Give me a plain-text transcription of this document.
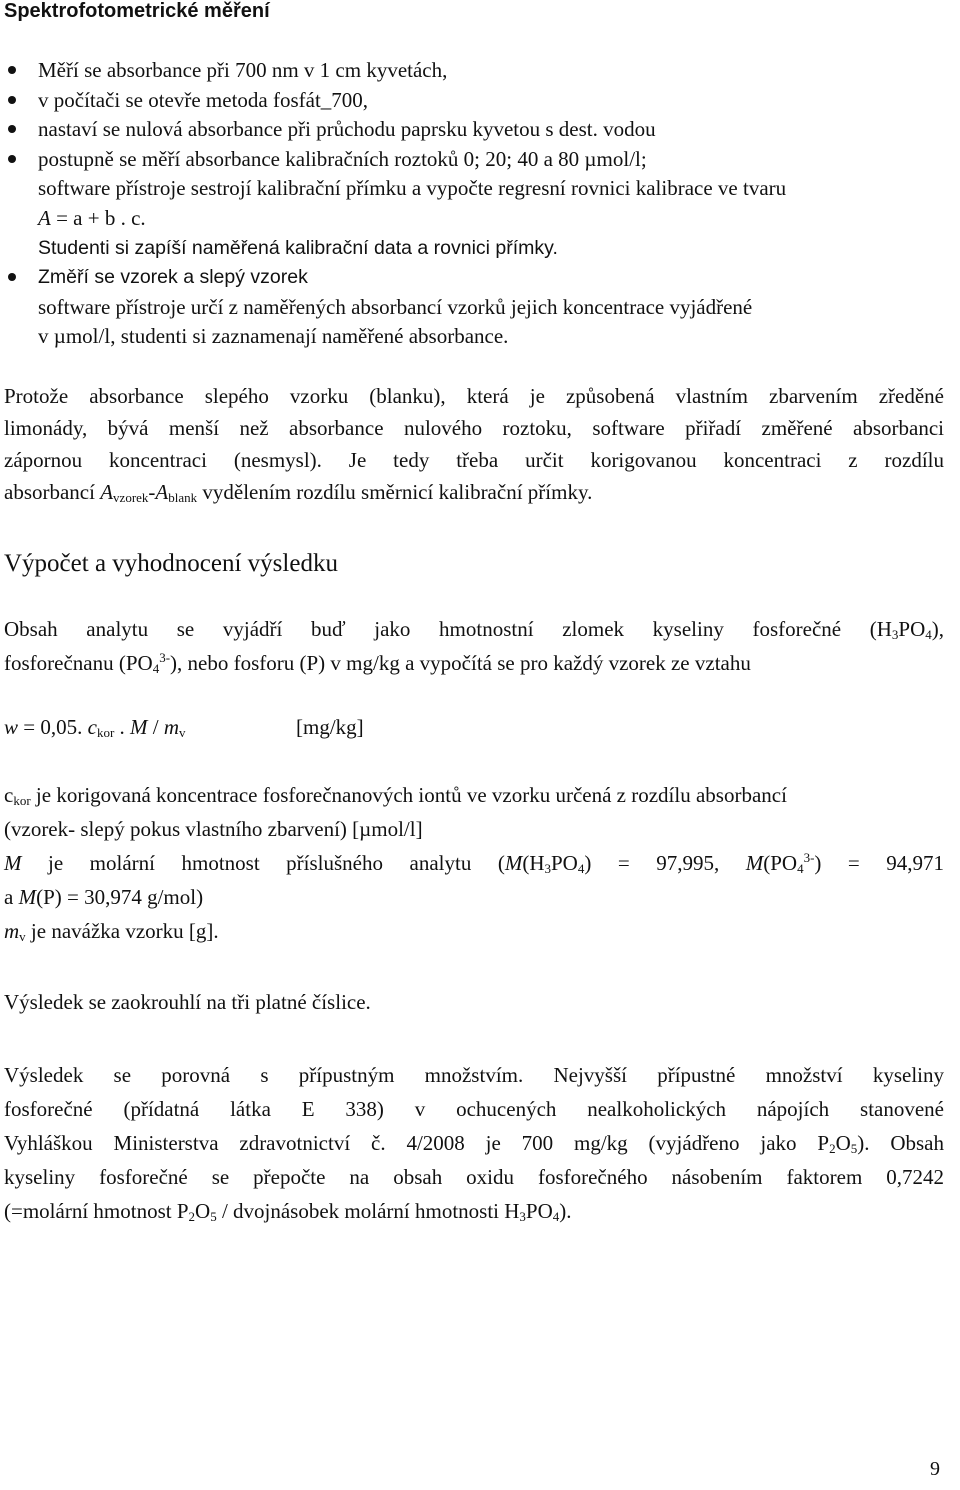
Spektrofotometrické měření
Měří se absorbance při 700 nm v 1 cm kyvetách,
v počítači se otevře metoda fosfát_700,
nastaví se nulová absorbance při průchodu paprsku kyvetou s dest. vodou
postupně se měří absorbance kalibračních roztoků 0; 20; 40 a 80 µmol/l;
software přístroje sestrojí kalibrační přímku a vypočte regresní rovnici kalibrace ve tvaru
A = a + b . c.
Studenti si zapíší naměřená kalibrační data a rovnici přímky.
Změří se vzorek a slepý vzorek
software přístroje určí z naměřených absorbancí vzorků jejich koncentrace vyjádřené
v µmol/l, studenti si zaznamenají naměřené absorbance.
Protože absorbance slepého vzorku (blanku), která je způsobená vlastním zbarvením zředěné
limonády, bývá menší než absorbance nulového roztoku, software přiřadí změřené absorbanci
zápornou koncentraci (nesmysl). Je tedy třeba určit korigovanou koncentraci z rozdílu
absorbancí $A_{vzorek}-A_{blank}$ vydělením rozdílu směrnicí kalibrační přímky.
Výpočet a vyhodnocení výsledku
Obsah analytu se vyjádří buď jako hmotnostní zlomek kyseliny fosforečné $(H_3PO_4)$,
fosforečnanu $(PO_4^{3-})$, nebo fosforu (P) v mg/kg a vypočítá se pro každý vzorek ze vztahu
w = 0,05. $c_{kor}$ . M / $m_v$	[mg/kg]
$c_{kor}$ je korigovaná koncentrace fosforečnanových iontů ve vzorku určená z rozdílu absorbancí
(vzorek- slepý pokus vlastního zbarvení) [µmol/l]
M je molární hmotnost příslušného analytu ($M(H_3PO_4) = 97,995$, $M(PO_4^{3-}) = 94,971$
a M(P) = 30,974 g/mol)
$m_v$ je navážka vzorku [g].
Výsledek se zaokrouhlí na tři platné číslice.
Výsledek se porovná s přípustným množstvím. Nejvyšší přípustné množství kyseliny
fosforečné (přídatná látka E 338) v ochucených nealkoholických nápojích stanovené
Vyhláškou Ministerstva zdravotnictví č. 4/2008 je 700 mg/kg (vyjádřeno jako $P_2O_5$). Obsah
kyseliny fosforečné se přepočte na obsah oxidu fosforečného násobením faktorem 0,7242
(=molární hmotnost $P_2O_5$ / dvojnásobek molární hmotnosti $H_3PO_4$).
9
